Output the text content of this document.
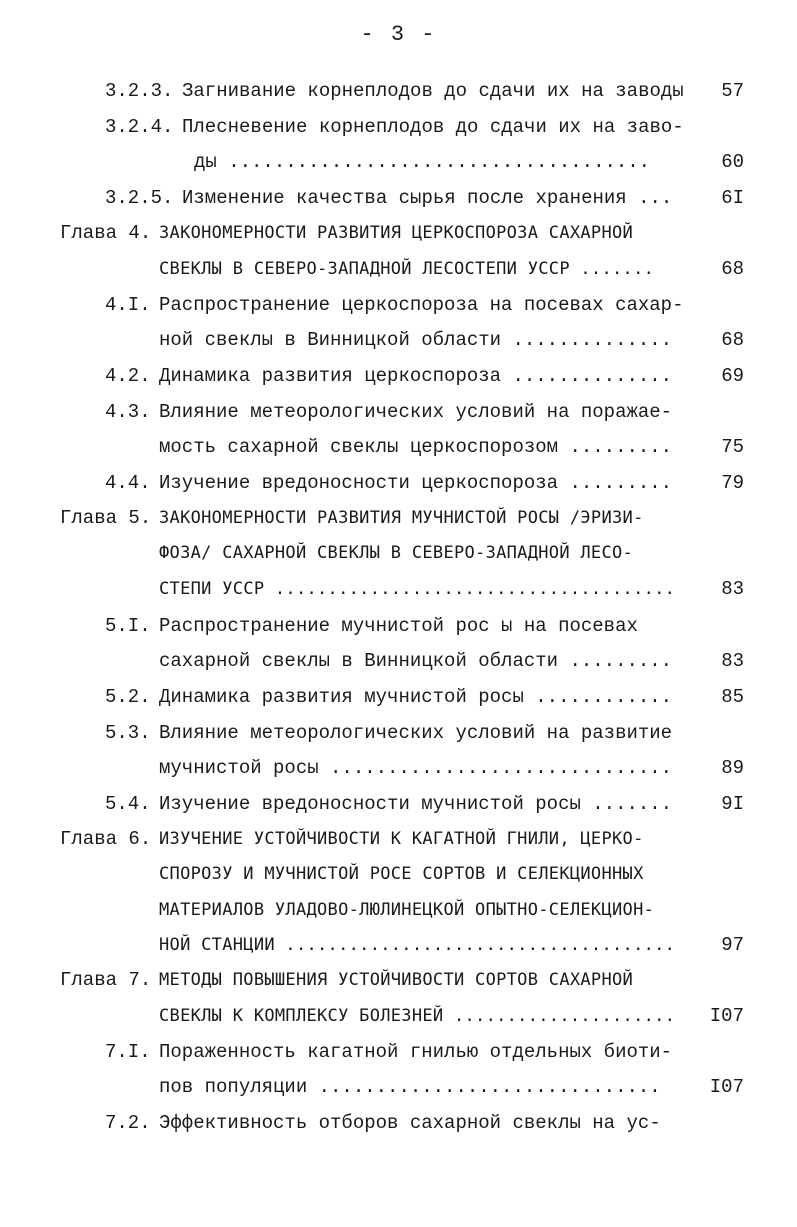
- 3 -
3.2.3. Загнивание корнеплодов до сдачи их на заводы	57
3.2.4. Плесневение корнеплодов до сдачи их на заво-
ды .....................................	60
3.2.5. Изменение качества сырья после хранения ...	6I
Глава 4. ЗАКОНОМЕРНОСТИ РАЗВИТИЯ ЦЕРКОСПОРОЗА САХАРНОЙ
СВЕКЛЫ В СЕВЕРО-ЗАПАДНОЙ ЛЕСОСТЕПИ УССР .......	68
4.I. Распространение церкоспороза на посевах сахар-
ной свеклы в Винницкой области ..............	68
4.2. Динамика развития церкоспороза ..............	69
4.3. Влияние метеорологических условий на поражае-
мость сахарной свеклы церкоспорозом .........	75
4.4. Изучение вредоносности церкоспороза .........	79
Глава 5. ЗАКОНОМЕРНОСТИ РАЗВИТИЯ МУЧНИСТОЙ РОСЫ /ЭРИЗИ-
ФОЗА/ САХАРНОЙ СВЕКЛЫ В СЕВЕРО-ЗАПАДНОЙ ЛЕСО-
СТЕПИ УССР ......................................	83
5.I. Распространение мучнистой рос ы на посевах
сахарной свеклы в Винницкой области .........	83
5.2. Динамика развития мучнистой росы ............	85
5.3. Влияние метеорологических условий на развитие
мучнистой росы ..............................	89
5.4. Изучение вредоносности мучнистой росы .......	9I
Глава 6. ИЗУЧЕНИЕ УСТОЙЧИВОСТИ К КАГАТНОЙ ГНИЛИ, ЦЕРКО-
СПОРОЗУ И МУЧНИСТОЙ РОСЕ СОРТОВ И СЕЛЕКЦИОННЫХ
МАТЕРИАЛОВ УЛАДОВО-ЛЮЛИНЕЦКОЙ ОПЫТНО-СЕЛЕКЦИОН-
НОЙ СТАНЦИИ .....................................	97
Глава 7. МЕТОДЫ ПОВЫШЕНИЯ УСТОЙЧИВОСТИ СОРТОВ САХАРНОЙ
СВЕКЛЫ К КОМПЛЕКСУ БОЛЕЗНЕЙ .....................	I07
7.I. Пораженность кагатной гнилью отдельных биоти-
пов популяции ..............................	I07
7.2. Эффективность отборов сахарной свеклы на ус-
